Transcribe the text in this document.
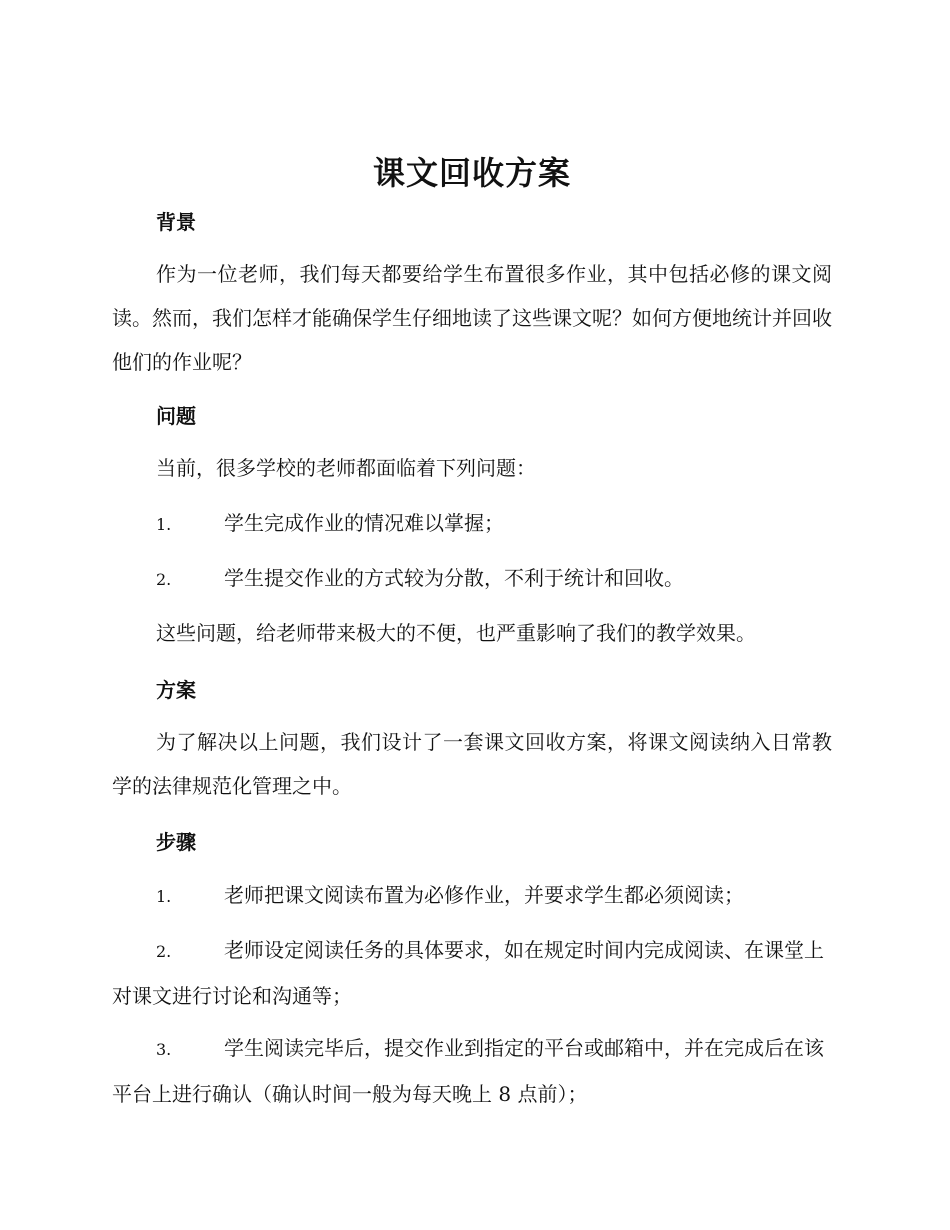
课文回收方案
背景

作为一位老师，我们每天都要给学生布置很多作业，其中包括必修的课文阅读。然而，我们怎样才能确保学生仔细地读了这些课文呢？如何方便地统计并回收他们的作业呢？

问题

当前，很多学校的老师都面临着下列问题：

1.	学生完成作业的情况难以掌握；

2.	学生提交作业的方式较为分散，不利于统计和回收。

这些问题，给老师带来极大的不便，也严重影响了我们的教学效果。

方案

为了解决以上问题，我们设计了一套课文回收方案，将课文阅读纳入日常教学的法律规范化管理之中。

步骤

1.	老师把课文阅读布置为必修作业，并要求学生都必须阅读；

2.	老师设定阅读任务的具体要求，如在规定时间内完成阅读、在课堂上对课文进行讨论和沟通等；

3.	学生阅读完毕后，提交作业到指定的平台或邮箱中，并在完成后在该平台上进行确认（确认时间一般为每天晚上 8 点前）；
